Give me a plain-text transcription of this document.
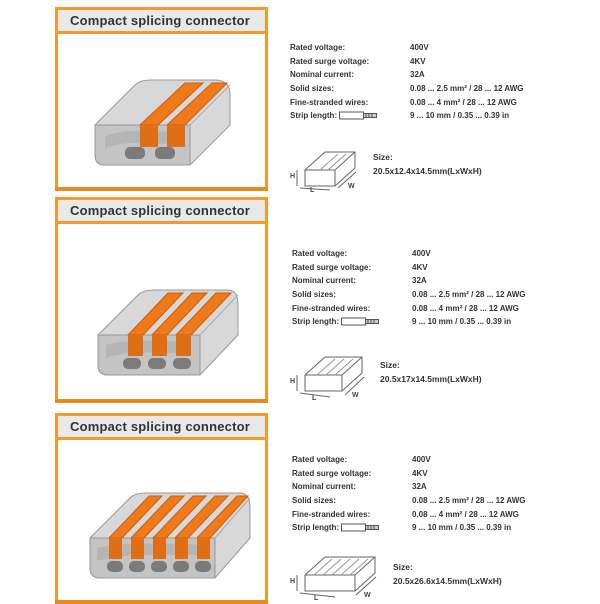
Compact splicing connector
Rated voltage:	400V
Rated surge voltage:	4KV
Nominal current:	32A
Solid sizes:	0.08 ... 2.5 mm² / 28 ... 12 AWG
Fine-stranded wires:	0.08 ... 4 mm² / 28 ... 12 AWG
Strip length:	9 ... 10 mm / 0.35 ... 0.39 in
H
L
W
Size:
20.5x12.4x14.5mm(LxWxH)
Compact splicing connector
Rated voltage:	400V
Rated surge voltage:	4KV
Nominal current:	32A
Solid sizes:	0.08 ... 2.5 mm² / 28 ... 12 AWG
Fine-stranded wires:	0.08 ... 4 mm² / 28 ... 12 AWG
Strip length:	9 ... 10 mm / 0.35 ... 0.39 in
H
L	W
Size:
20.5x17x14.5mm(LxWxH)
Compact splicing connector
Rated voltage:	400V
Rated surge voltage:	4KV
Nominal current:	32A
Solid sizes:	0.08 ... 2.5 mm² / 28 ... 12 AWG
Fine-stranded wires:	0.08 ... 4 mm² / 28 ... 12 AWG
Strip length:	9 ... 10 mm / 0.35 ... 0.39 in
H
L	W
Size:
20.5x26.6x14.5mm(LxWxH)
